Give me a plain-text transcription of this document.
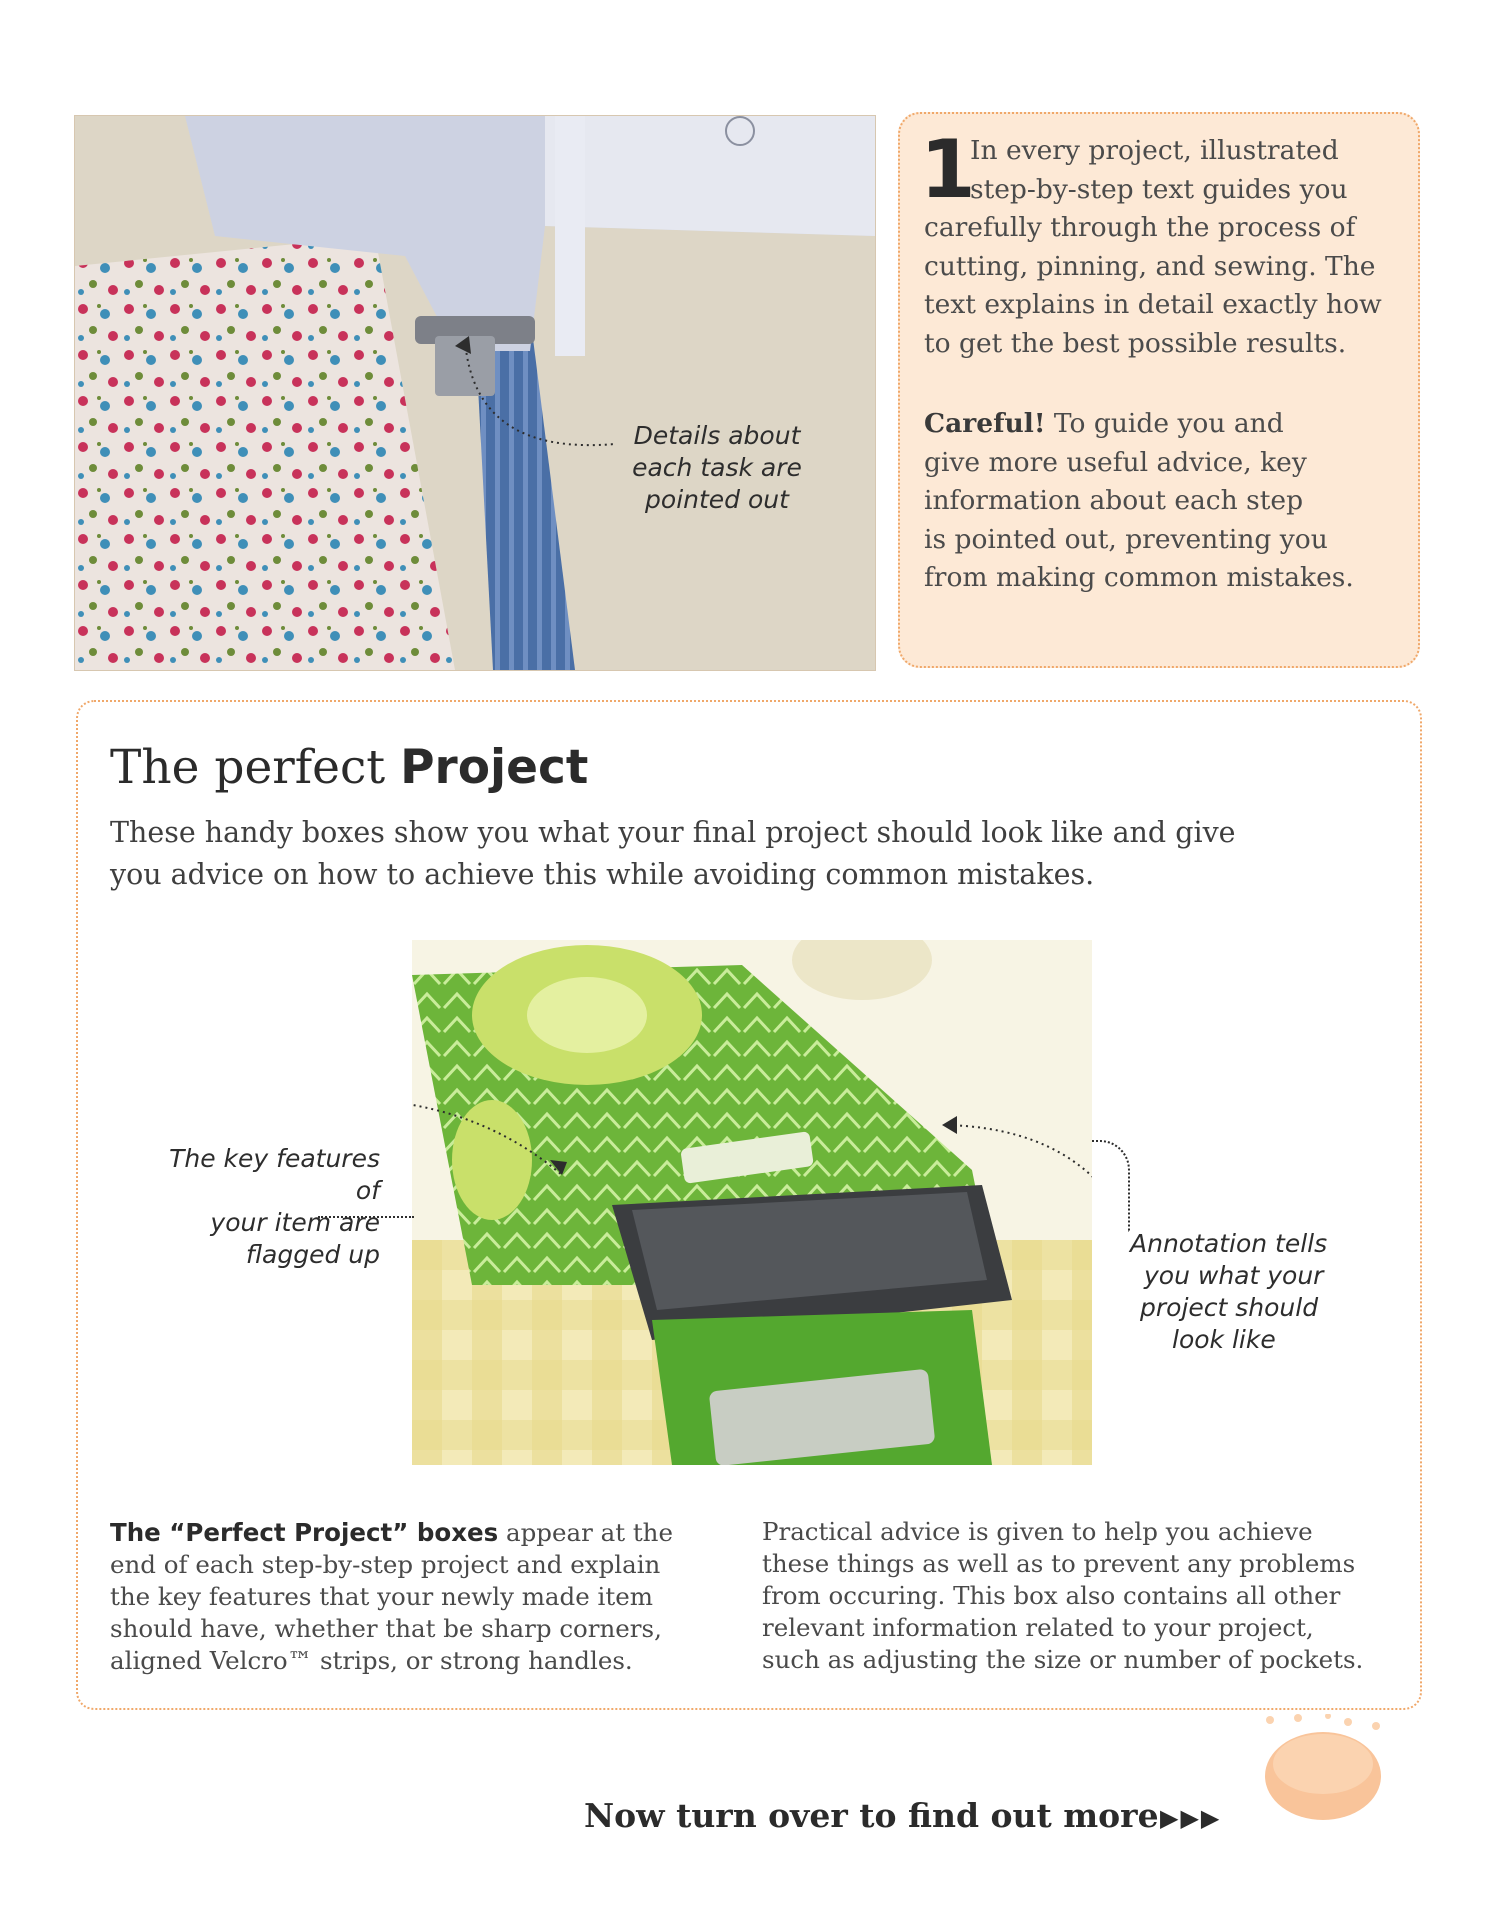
Details about
each task are
pointed out
1
In every project, illustrated
step-by-step text guides you
carefully through the process of
cutting, pinning, and sewing. The
text explains in detail exactly how
to get the best possible results.
Careful! To guide you and
give more useful advice, key
information about each step
is pointed out, preventing you
from making common mistakes.
The perfect Project
These handy boxes show you what your final project should look like and give
you advice on how to achieve this while avoiding common mistakes.
The key features of
your item are
flagged up	Annotation tells
you what your
project should
look like
The “Perfect Project” boxes appear at the
end of each step-by-step project and explain
the key features that your newly made item
should have, whether that be sharp corners,
aligned Velcro™ strips, or strong handles.
Practical advice is given to help you achieve
these things as well as to prevent any problems
from occuring. This box also contains all other
relevant information related to your project,
such as adjusting the size or number of pockets.
Now turn over to find out more ▶▶▶
